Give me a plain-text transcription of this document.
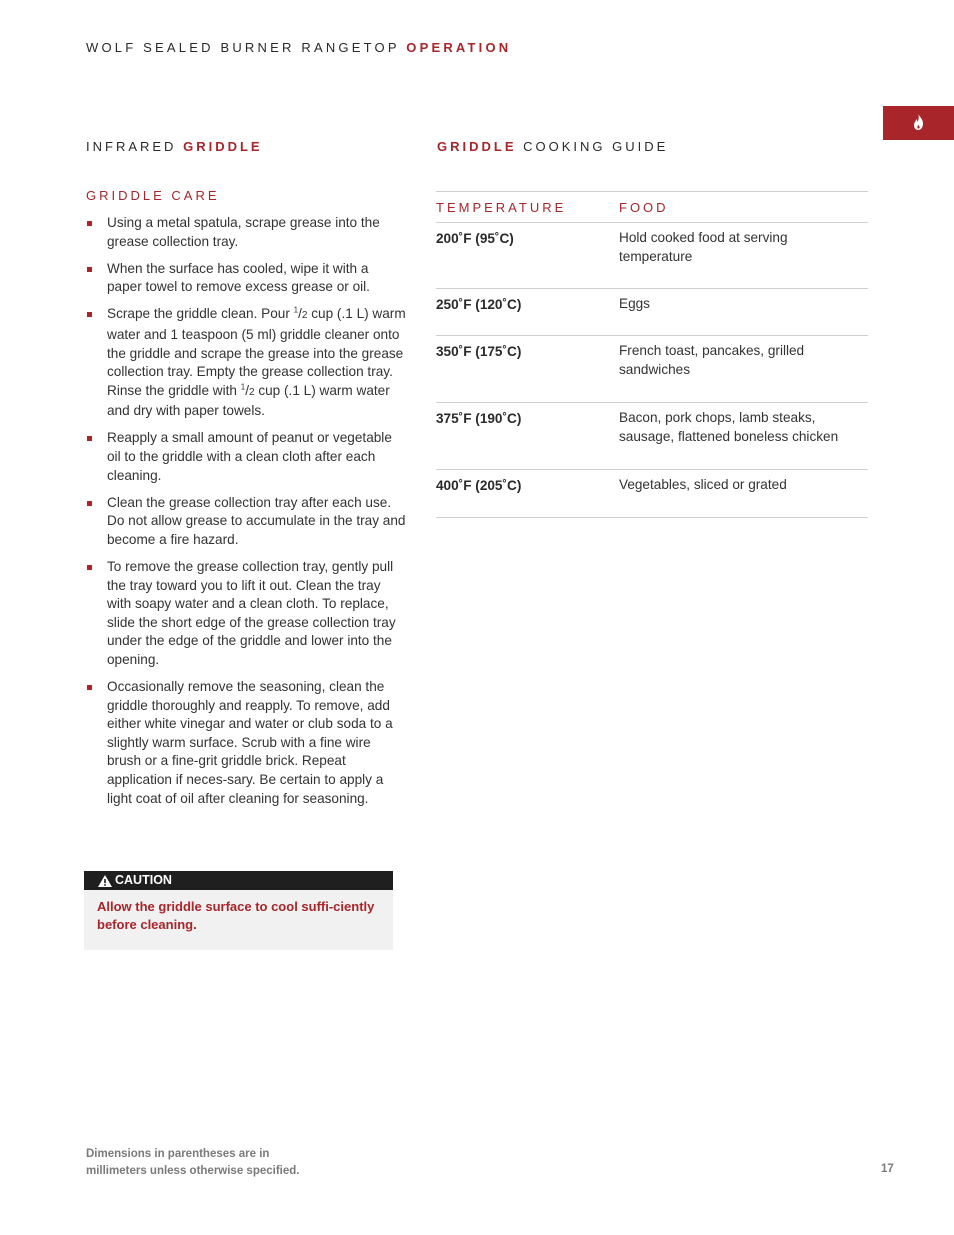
WOLF SEALED BURNER RANGETOP OPERATION
INFRARED GRIDDLE
GRIDDLE CARE
Using a metal spatula, scrape grease into the grease collection tray.
When the surface has cooled, wipe it with a paper towel to remove excess grease or oil.
Scrape the griddle clean. Pour $^1$/2 cup (.1 L) warm water and 1 teaspoon (5 ml) griddle cleaner onto the griddle and scrape the grease into the grease collection tray. Empty the grease collection tray. Rinse the griddle with $^1$/2 cup (.1 L) warm water and dry with paper towels.
Reapply a small amount of peanut or vegetable oil to the griddle with a clean cloth after each cleaning.
Clean the grease collection tray after each use. Do not allow grease to accumulate in the tray and become a fire hazard.
To remove the grease collection tray, gently pull the tray toward you to lift it out. Clean the tray with soapy water and a clean cloth. To replace, slide the short edge of the grease collection tray under the edge of the griddle and lower into the opening.
Occasionally remove the seasoning, clean the griddle thoroughly and reapply. To remove, add either white vinegar and water or club soda to a slightly warm surface. Scrub with a fine wire brush or a fine-grit griddle brick. Repeat application if neces-sary. Be certain to apply a light coat of oil after cleaning for seasoning.
CAUTION
Allow the griddle surface to cool suffi-ciently before cleaning.
GRIDDLE COOKING GUIDE
TEMPERATURE	FOOD
200˚F (95˚C)	Hold cooked food at serving temperature
250˚F (120˚C)	Eggs
350˚F (175˚C)	French toast, pancakes, grilled sandwiches
375˚F (190˚C)	Bacon, pork chops, lamb steaks, sausage, flattened boneless chicken
400˚F (205˚C)	Vegetables, sliced or grated
Dimensions in parentheses are in
millimeters unless otherwise specified.	17
